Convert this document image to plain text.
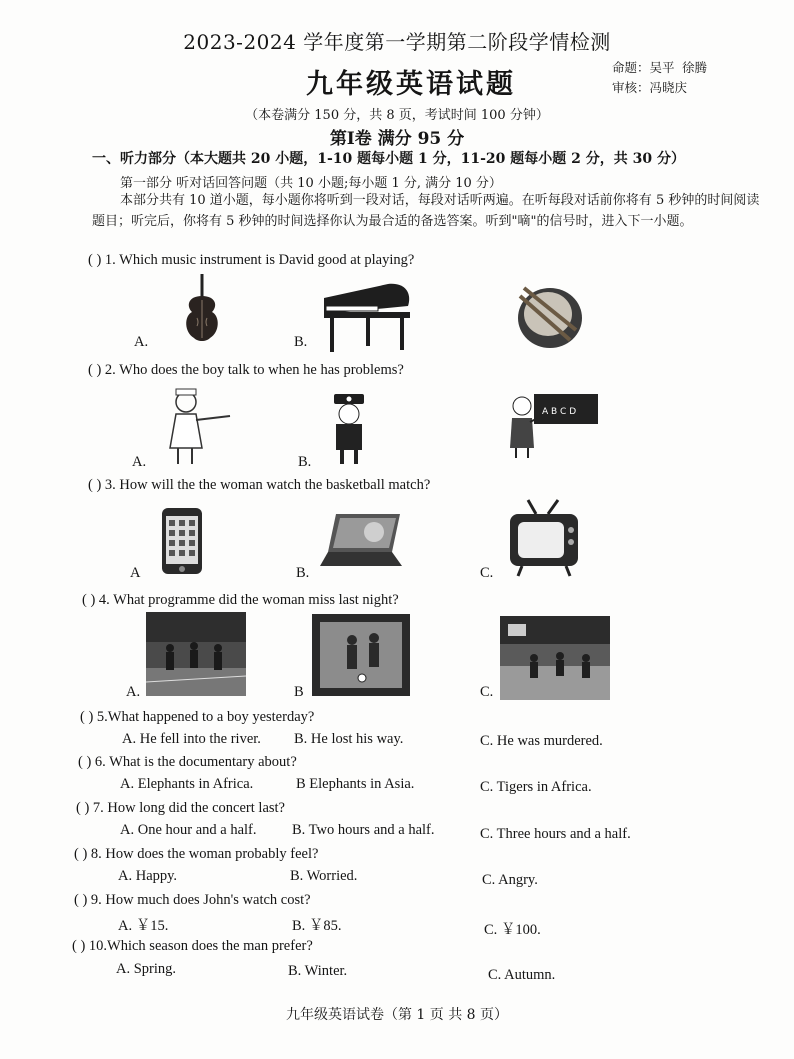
2023-2024 学年度第一学期第二阶段学情检测
九年级英语试题
命题：吴平 徐腾
审核：冯晓庆
（本卷满分 150 分，共 8 页，考试时间 100 分钟）
第Ⅰ卷 满分 95 分
一、听力部分（本大题共 20 小题，1-10 题每小题 1 分，11-20 题每小题 2 分，共 30 分）
第一部分 听对话回答问题（共 10 小题;每小题 1 分, 满分 10 分）
本部分共有 10 道小题，每小题你将听到一段对话，每段对话听两遍。在听每段对话前你将有 5 秒钟的时间阅读题目；听完后，你将有 5 秒钟的时间选择你认为最合适的备选答案。听到"嘀"的信号时，进入下一小题。
( ) 1. Which music instrument is David good at playing?
A.	B.
( ) 2. Who does the boy talk to when he has problems?
A.	B.
A B C D
( ) 3. How will the the woman watch the basketball match?
A	B.	C.
( ) 4. What programme did the woman miss last night?
A.	B	C.
( ) 5.What happened to a boy yesterday?
A. He fell into the river. B. He lost his way.	C. He was murdered.
( ) 6. What is the documentary about?
A. Elephants in Africa.	B Elephants in Asia.	C. Tigers in Africa.
( ) 7. How long did the concert last?
A. One hour and a half. B. Two hours and a half.	C. Three hours and a half.
( ) 8. How does the woman probably feel?
A. Happy.	B. Worried.	C. Angry.
( ) 9. How much does John's watch cost?
A. ￥15.	B. ￥85.	C. ￥100.
( ) 10.Which season does the man prefer?
A. Spring.	B. Winter.	C. Autumn.
九年级英语试卷（第 1 页 共 8 页）
